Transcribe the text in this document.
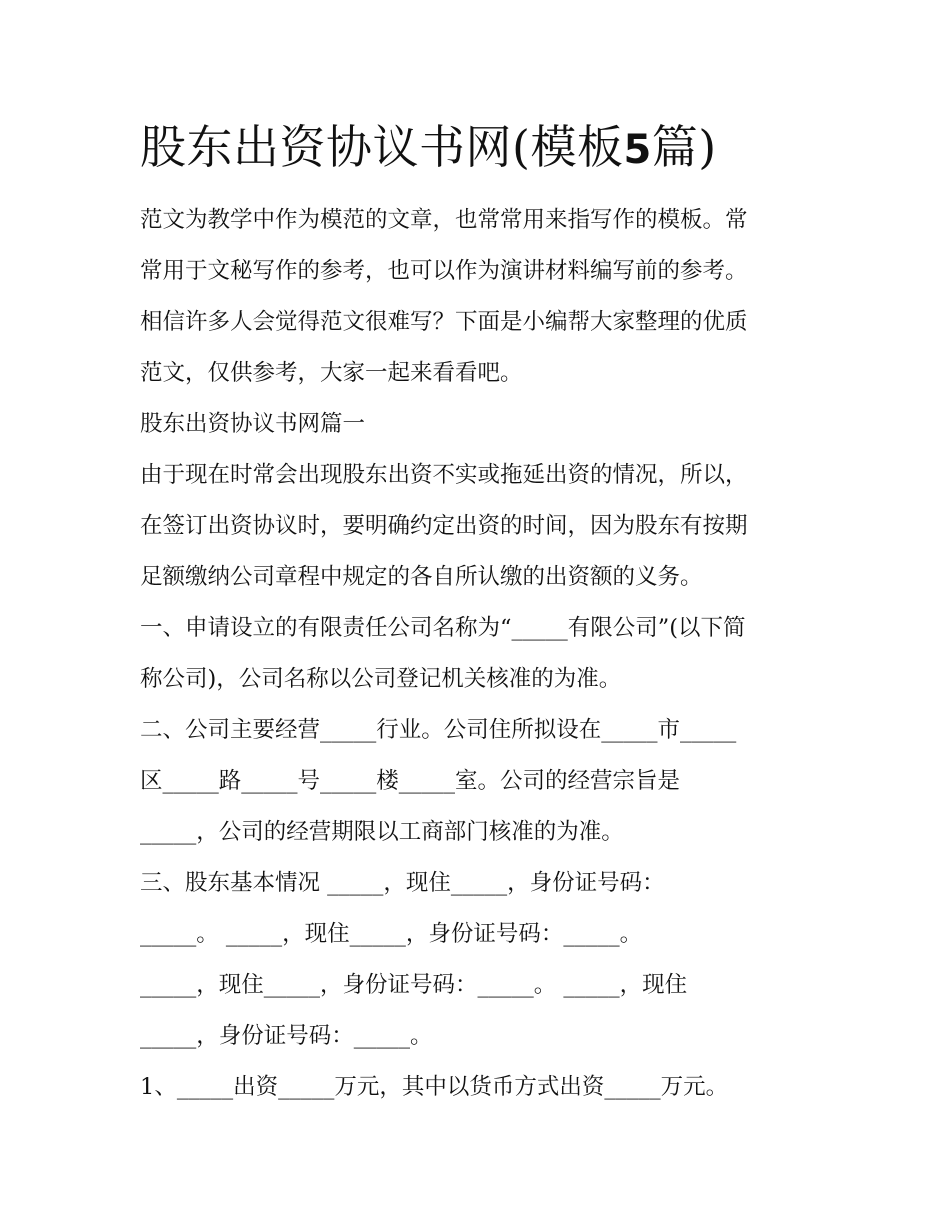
股东出资协议书网(模板5篇)
范文为教学中作为模范的文章，也常常用来指写作的模板。常
常用于文秘写作的参考，也可以作为演讲材料编写前的参考。
相信许多人会觉得范文很难写？下面是小编帮大家整理的优质
范文，仅供参考，大家一起来看看吧。
股东出资协议书网篇一
由于现在时常会出现股东出资不实或拖延出资的情况，所以，
在签订出资协议时，要明确约定出资的时间，因为股东有按期
足额缴纳公司章程中规定的各自所认缴的出资额的义务。
一、申请设立的有限责任公司名称为“_____有限公司”(以下简
称公司)，公司名称以公司登记机关核准的为准。
二、公司主要经营_____行业。公司住所拟设在_____市_____
区_____路_____号_____楼_____室。公司的经营宗旨是
_____，公司的经营期限以工商部门核准的为准。
三、股东基本情况 _____，现住_____，身份证号码：
_____。 _____，现住_____，身份证号码：_____。
_____，现住_____，身份证号码：_____。 _____，现住
_____，身份证号码：_____。
1、_____出资_____万元，其中以货币方式出资_____万元。
